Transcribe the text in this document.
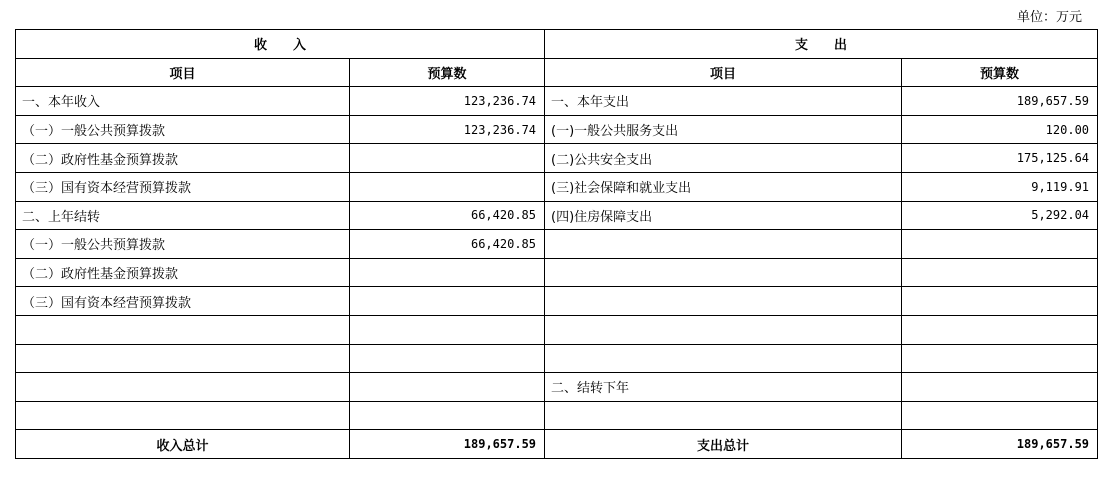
单位：万元
收　　入		支　　出	
项目	预算数	项目	预算数
一、本年收入	123,236.74	一、本年支出	189,657.59
（一）一般公共预算拨款	123,236.74	(一)一般公共服务支出	120.00
（二）政府性基金预算拨款		(二)公共安全支出	175,125.64
（三）国有资本经营预算拨款		(三)社会保障和就业支出	9,119.91
二、上年结转	66,420.85	(四)住房保障支出	5,292.04
（一）一般公共预算拨款	66,420.85		
（二）政府性基金预算拨款			
（三）国有资本经营预算拨款			

		二、结转下年	

收入总计	189,657.59	支出总计	189,657.59
